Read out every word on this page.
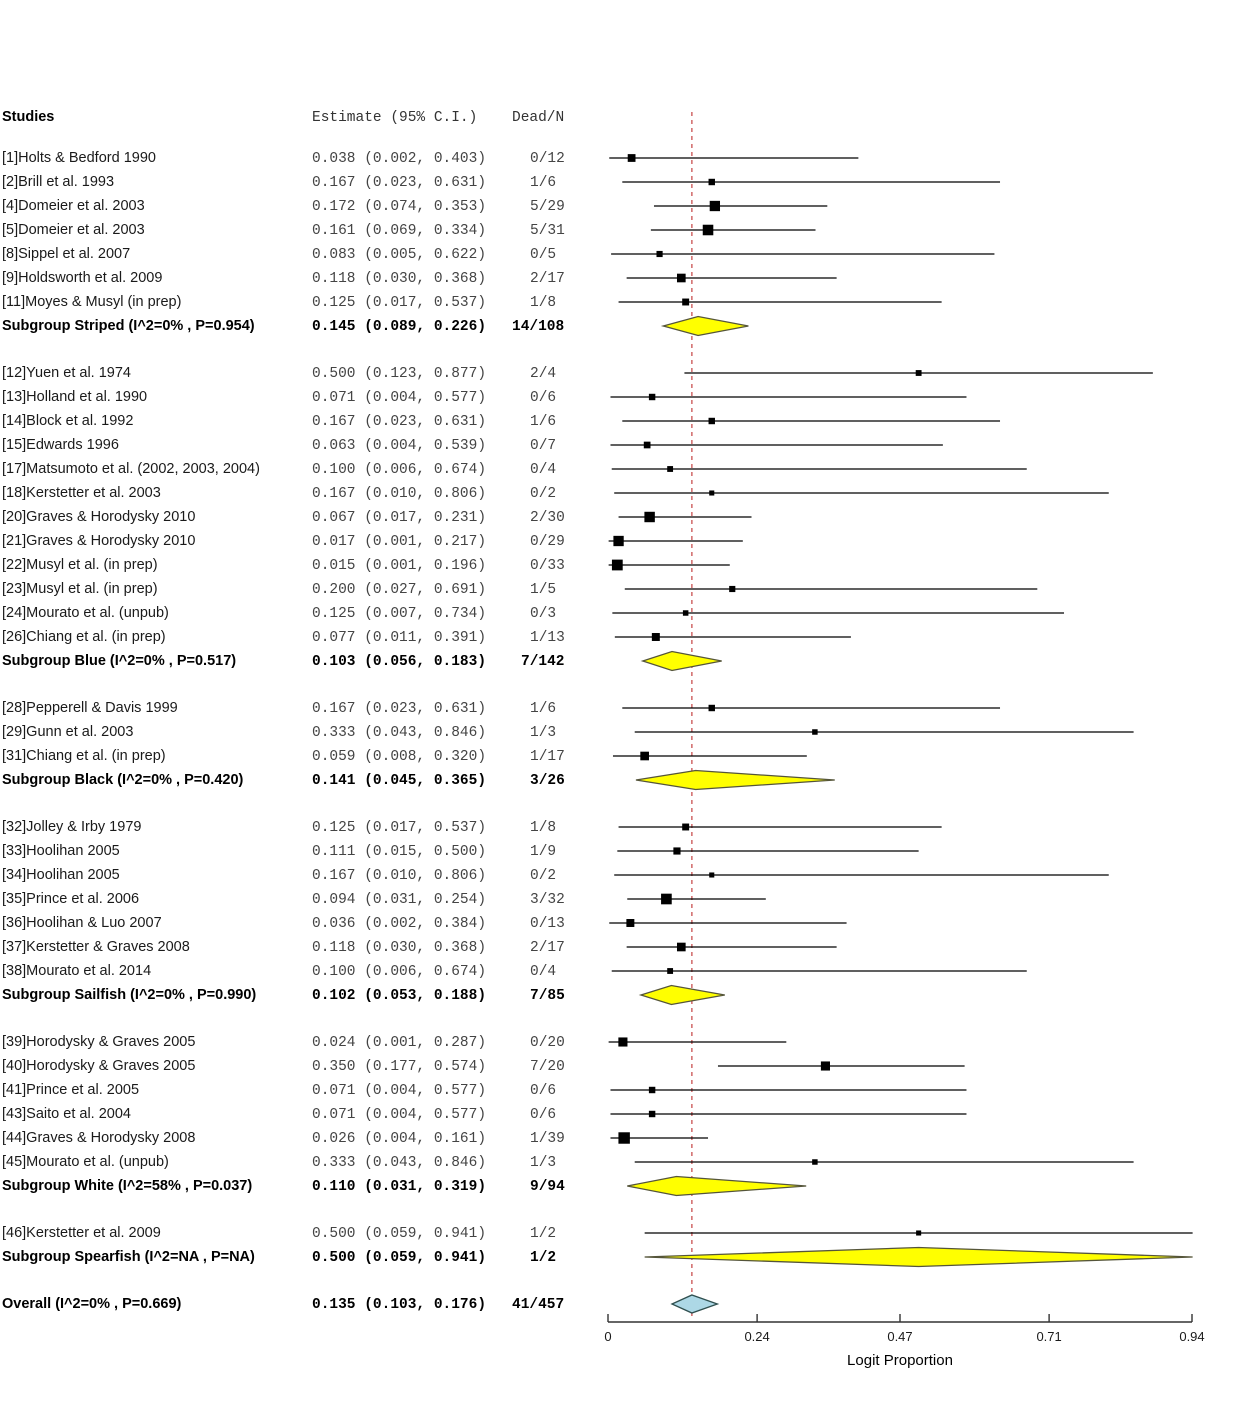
Studies	Estimate (95% C.I.) Dead/N
[1]Holts & Bedford 1990	0.038 (0.002, 0.403)	0/12
[2]Brill et al. 1993	0.167 (0.023, 0.631)	1/6
[4]Domeier et al. 2003	0.172 (0.074, 0.353)	5/29
[5]Domeier et al. 2003	0.161 (0.069, 0.334)	5/31
[8]Sippel et al. 2007	0.083 (0.005, 0.622)	0/5
[9]Holdsworth et al. 2009	0.118 (0.030, 0.368)	2/17
[11]Moyes & Musyl (in prep)	0.125 (0.017, 0.537)	1/8
Subgroup Striped (I^2=0% , P=0.954)	0.145 (0.089, 0.226) 14/108
[12]Yuen et al. 1974	0.500 (0.123, 0.877)	2/4
[13]Holland et al. 1990	0.071 (0.004, 0.577)	0/6
[14]Block et al. 1992	0.167 (0.023, 0.631)	1/6
[15]Edwards 1996	0.063 (0.004, 0.539)	0/7
[17]Matsumoto et al. (2002, 2003, 2004)	0.100 (0.006, 0.674)	0/4
[18]Kerstetter et al. 2003	0.167 (0.010, 0.806)	0/2
[20]Graves & Horodysky 2010	0.067 (0.017, 0.231)	2/30
[21]Graves & Horodysky 2010	0.017 (0.001, 0.217)	0/29
[22]Musyl et al. (in prep)	0.015 (0.001, 0.196)	0/33
[23]Musyl et al. (in prep)	0.200 (0.027, 0.691)	1/5
[24]Mourato et al. (unpub)	0.125 (0.007, 0.734)	0/3
[26]Chiang et al. (in prep)	0.077 (0.011, 0.391)	1/13
Subgroup Blue (I^2=0% , P=0.517)	0.103 (0.056, 0.183) 7/142
[28]Pepperell & Davis 1999	0.167 (0.023, 0.631)	1/6
[29]Gunn et al. 2003	0.333 (0.043, 0.846)	1/3
[31]Chiang et al. (in prep)	0.059 (0.008, 0.320)	1/17
Subgroup Black (I^2=0% , P=0.420)	0.141 (0.045, 0.365)	3/26
[32]Jolley & Irby 1979	0.125 (0.017, 0.537)	1/8
[33]Hoolihan 2005	0.111 (0.015, 0.500)	1/9
[34]Hoolihan 2005	0.167 (0.010, 0.806)	0/2
[35]Prince et al. 2006	0.094 (0.031, 0.254)	3/32
[36]Hoolihan & Luo 2007	0.036 (0.002, 0.384)	0/13
[37]Kerstetter & Graves 2008	0.118 (0.030, 0.368)	2/17
[38]Mourato et al. 2014	0.100 (0.006, 0.674)	0/4
Subgroup Sailfish (I^2=0% , P=0.990)	0.102 (0.053, 0.188)	7/85
[39]Horodysky & Graves 2005	0.024 (0.001, 0.287)	0/20
[40]Horodysky & Graves 2005	0.350 (0.177, 0.574)	7/20
[41]Prince et al. 2005	0.071 (0.004, 0.577)	0/6
[43]Saito et al. 2004	0.071 (0.004, 0.577)	0/6
[44]Graves & Horodysky 2008	0.026 (0.004, 0.161)	1/39
[45]Mourato et al. (unpub)	0.333 (0.043, 0.846)	1/3
Subgroup White (I^2=58% , P=0.037)	0.110 (0.031, 0.319)	9/94
[46]Kerstetter et al. 2009	0.500 (0.059, 0.941)	1/2
Subgroup Spearfish (I^2=NA , P=NA)	0.500 (0.059, 0.941)	1/2
Overall (I^2=0% , P=0.669)	0.135 (0.103, 0.176) 41/457
0	0.24	0.47	0.71	0.94
Logit Proportion
